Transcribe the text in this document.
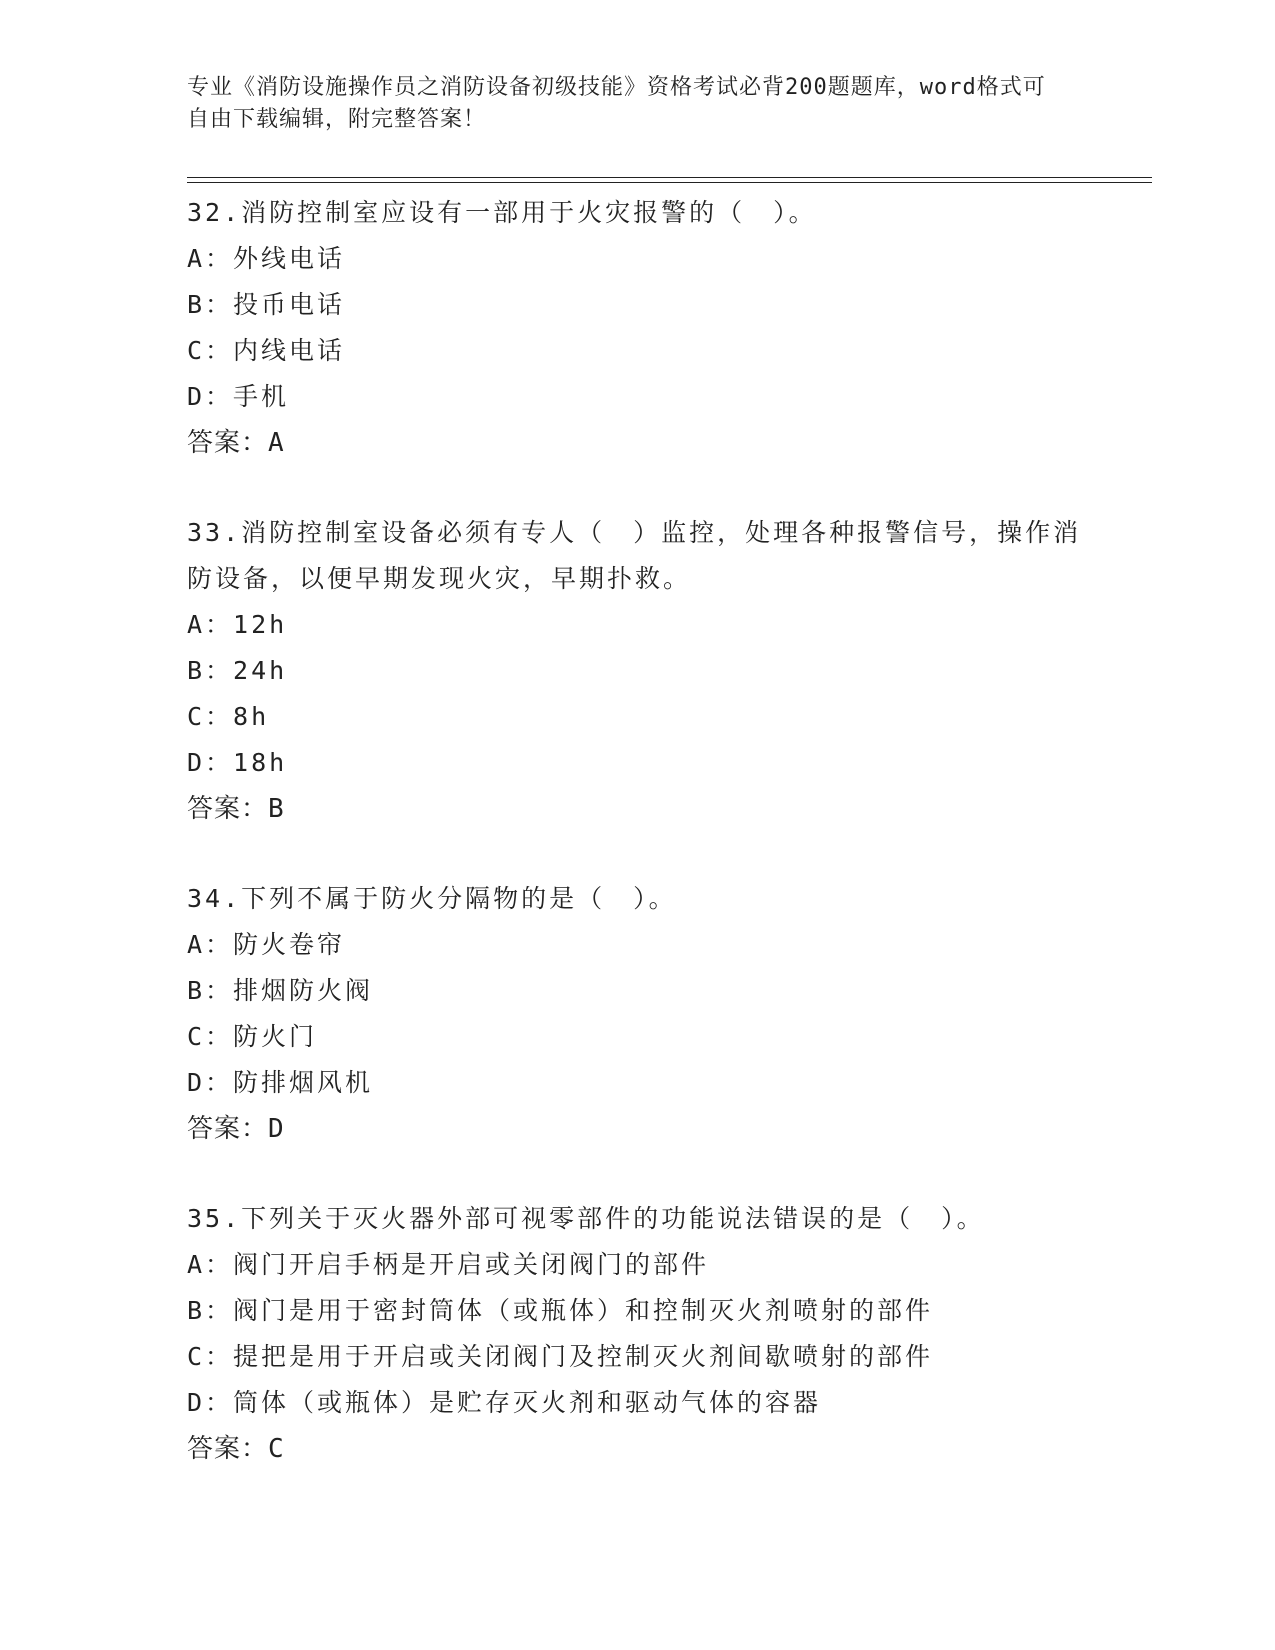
专业《消防设施操作员之消防设备初级技能》资格考试必背200题题库，word格式可自由下载编辑，附完整答案！

32.消防控制室应设有一部用于火灾报警的（　）。

A：外线电话

B：投币电话

C：内线电话

D：手机

答案：A

33.消防控制室设备必须有专人（　）监控，处理各种报警信号，操作消防设备，以便早期发现火灾，早期扑救。

A：12h

B：24h

C：8h

D：18h

答案：B

34.下列不属于防火分隔物的是（　）。

A：防火卷帘

B：排烟防火阀

C：防火门

D：防排烟风机

答案：D

35.下列关于灭火器外部可视零部件的功能说法错误的是（　）。

A：阀门开启手柄是开启或关闭阀门的部件

B：阀门是用于密封筒体（或瓶体）和控制灭火剂喷射的部件

C：提把是用于开启或关闭阀门及控制灭火剂间歇喷射的部件

D：筒体（或瓶体）是贮存灭火剂和驱动气体的容器

答案：C
